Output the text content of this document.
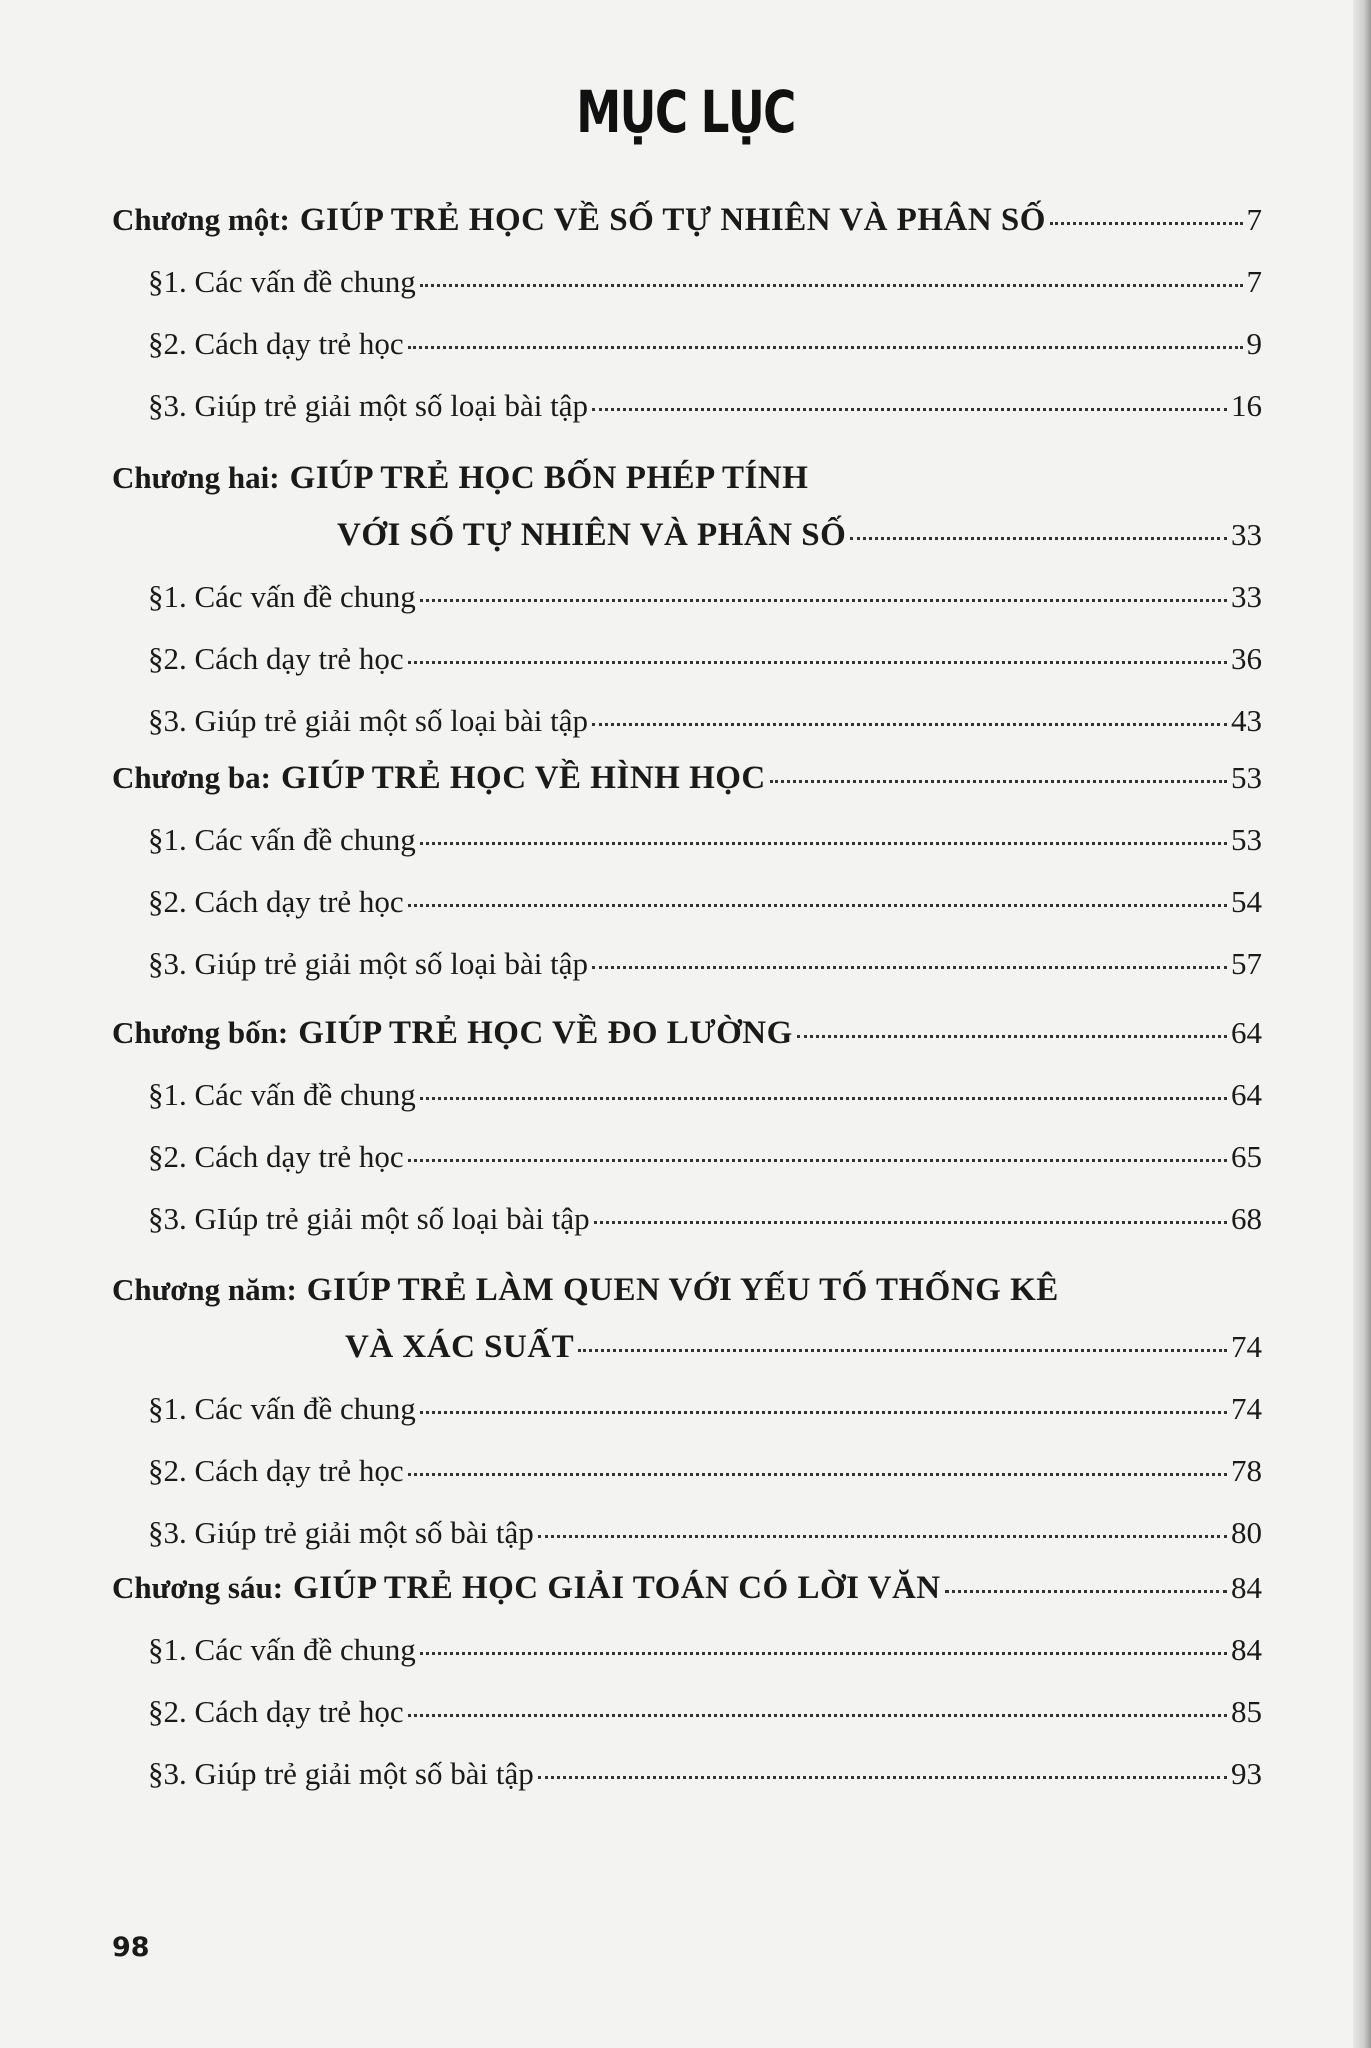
MỤC LỤC
Chương một: GIÚP TRẺ HỌC VỀ SỐ TỰ NHIÊN VÀ PHÂN SỐ	7
§1. Các vấn đề chung	7
§2. Cách dạy trẻ học	9
§3. Giúp trẻ giải một số loại bài tập	16
Chương hai: GIÚP TRẺ HỌC BỐN PHÉP TÍNH
VỚI SỐ TỰ NHIÊN VÀ PHÂN SỐ	33
§1. Các vấn đề chung	33
§2. Cách dạy trẻ học	36
§3. Giúp trẻ giải một số loại bài tập	43
Chương ba: GIÚP TRẺ HỌC VỀ HÌNH HỌC	53
§1. Các vấn đề chung	53
§2. Cách dạy trẻ học	54
§3. Giúp trẻ giải một số loại bài tập	57
Chương bốn: GIÚP TRẺ HỌC VỀ ĐO LƯỜNG	64
§1. Các vấn đề chung	64
§2. Cách dạy trẻ học	65
§3. GIúp trẻ giải một số loại bài tập	68
Chương năm: GIÚP TRẺ LÀM QUEN VỚI YẾU TỐ THỐNG KÊ
VÀ XÁC SUẤT	74
§1. Các vấn đề chung	74
§2. Cách dạy trẻ học	78
§3. Giúp trẻ giải một số bài tập	80
Chương sáu: GIÚP TRẺ HỌC GIẢI TOÁN CÓ LỜI VĂN	84
§1. Các vấn đề chung	84
§2. Cách dạy trẻ học	85
§3. Giúp trẻ giải một số bài tập	93
98
